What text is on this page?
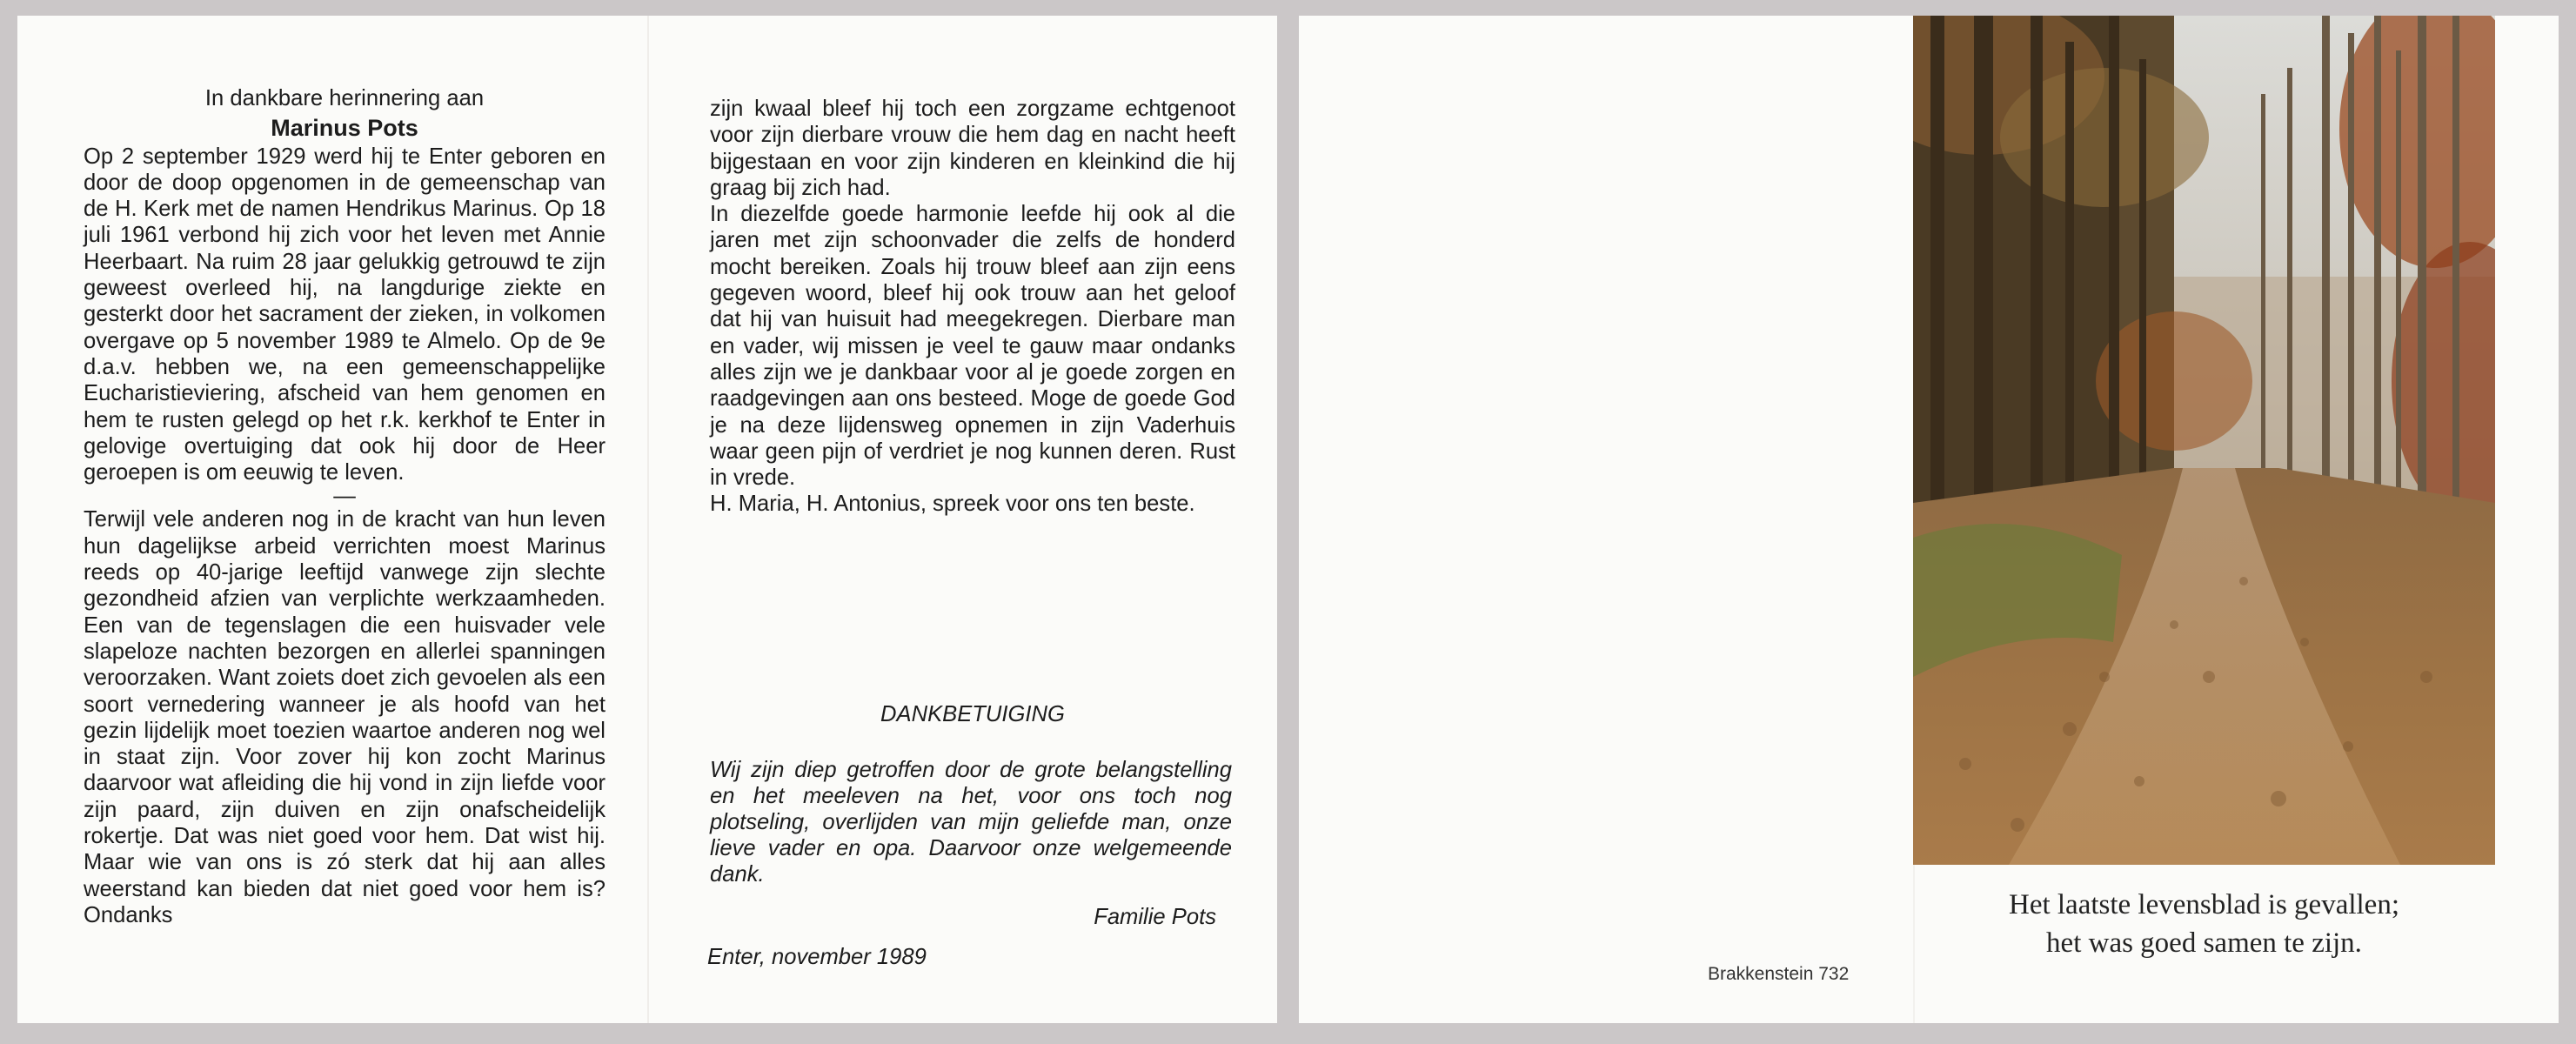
In dankbare herinnering aan
Marinus Pots
Op 2 september 1929 werd hij te Enter geboren en door de doop opgenomen in de gemeenschap van de H. Kerk met de namen Hendrikus Marinus. Op 18 juli 1961 verbond hij zich voor het leven met Annie Heerbaart. Na ruim 28 jaar gelukkig getrouwd te zijn geweest overleed hij, na langdurige ziekte en gesterkt door het sacrament der zieken, in volkomen overgave op 5 november 1989 te Almelo. Op de 9e d.a.v. hebben we, na een gemeenschappelijke Eucharistieviering, afscheid van hem genomen en hem te rusten gelegd op het r.k. kerkhof te Enter in gelovige overtuiging dat ook hij door de Heer geroepen is om eeuwig te leven.
—
Terwijl vele anderen nog in de kracht van hun leven hun dagelijkse arbeid verrichten moest Marinus reeds op 40-jarige leeftijd vanwege zijn slechte gezondheid afzien van verplichte werkzaamheden. Een van de tegenslagen die een huisvader vele slapeloze nachten bezorgen en allerlei spanningen veroorzaken. Want zoiets doet zich gevoelen als een soort vernedering wanneer je als hoofd van het gezin lijdelijk moet toezien waartoe anderen nog wel in staat zijn. Voor zover hij kon zocht Marinus daarvoor wat afleiding die hij vond in zijn liefde voor zijn paard, zijn duiven en zijn onafscheidelijk rokertje. Dat was niet goed voor hem. Dat wist hij. Maar wie van ons is zó sterk dat hij aan alles weerstand kan bieden dat niet goed voor hem is? Ondanks
zijn kwaal bleef hij toch een zorgzame echtgenoot voor zijn dierbare vrouw die hem dag en nacht heeft bijgestaan en voor zijn kinderen en kleinkind die hij graag bij zich had.
In diezelfde goede harmonie leefde hij ook al die jaren met zijn schoonvader die zelfs de honderd mocht bereiken. Zoals hij trouw bleef aan zijn eens gegeven woord, bleef hij ook trouw aan het geloof dat hij van huisuit had meegekregen. Dierbare man en vader, wij missen je veel te gauw maar ondanks alles zijn we je dankbaar voor al je goede zorgen en raadgevingen aan ons besteed. Moge de goede God je na deze lijdensweg opnemen in zijn Vaderhuis waar geen pijn of verdriet je nog kunnen deren. Rust in vrede.
H. Maria, H. Antonius, spreek voor ons ten beste.
DANKBETUIGING
Wij zijn diep getroffen door de grote belangstelling en het meeleven na het, voor ons toch nog plotseling, overlijden van mijn geliefde man, onze lieve vader en opa. Daarvoor onze welgemeende dank.
Familie Pots
Enter, november 1989
Brakkenstein 732
Het laatste levensblad is gevallen;
het was goed samen te zijn.
